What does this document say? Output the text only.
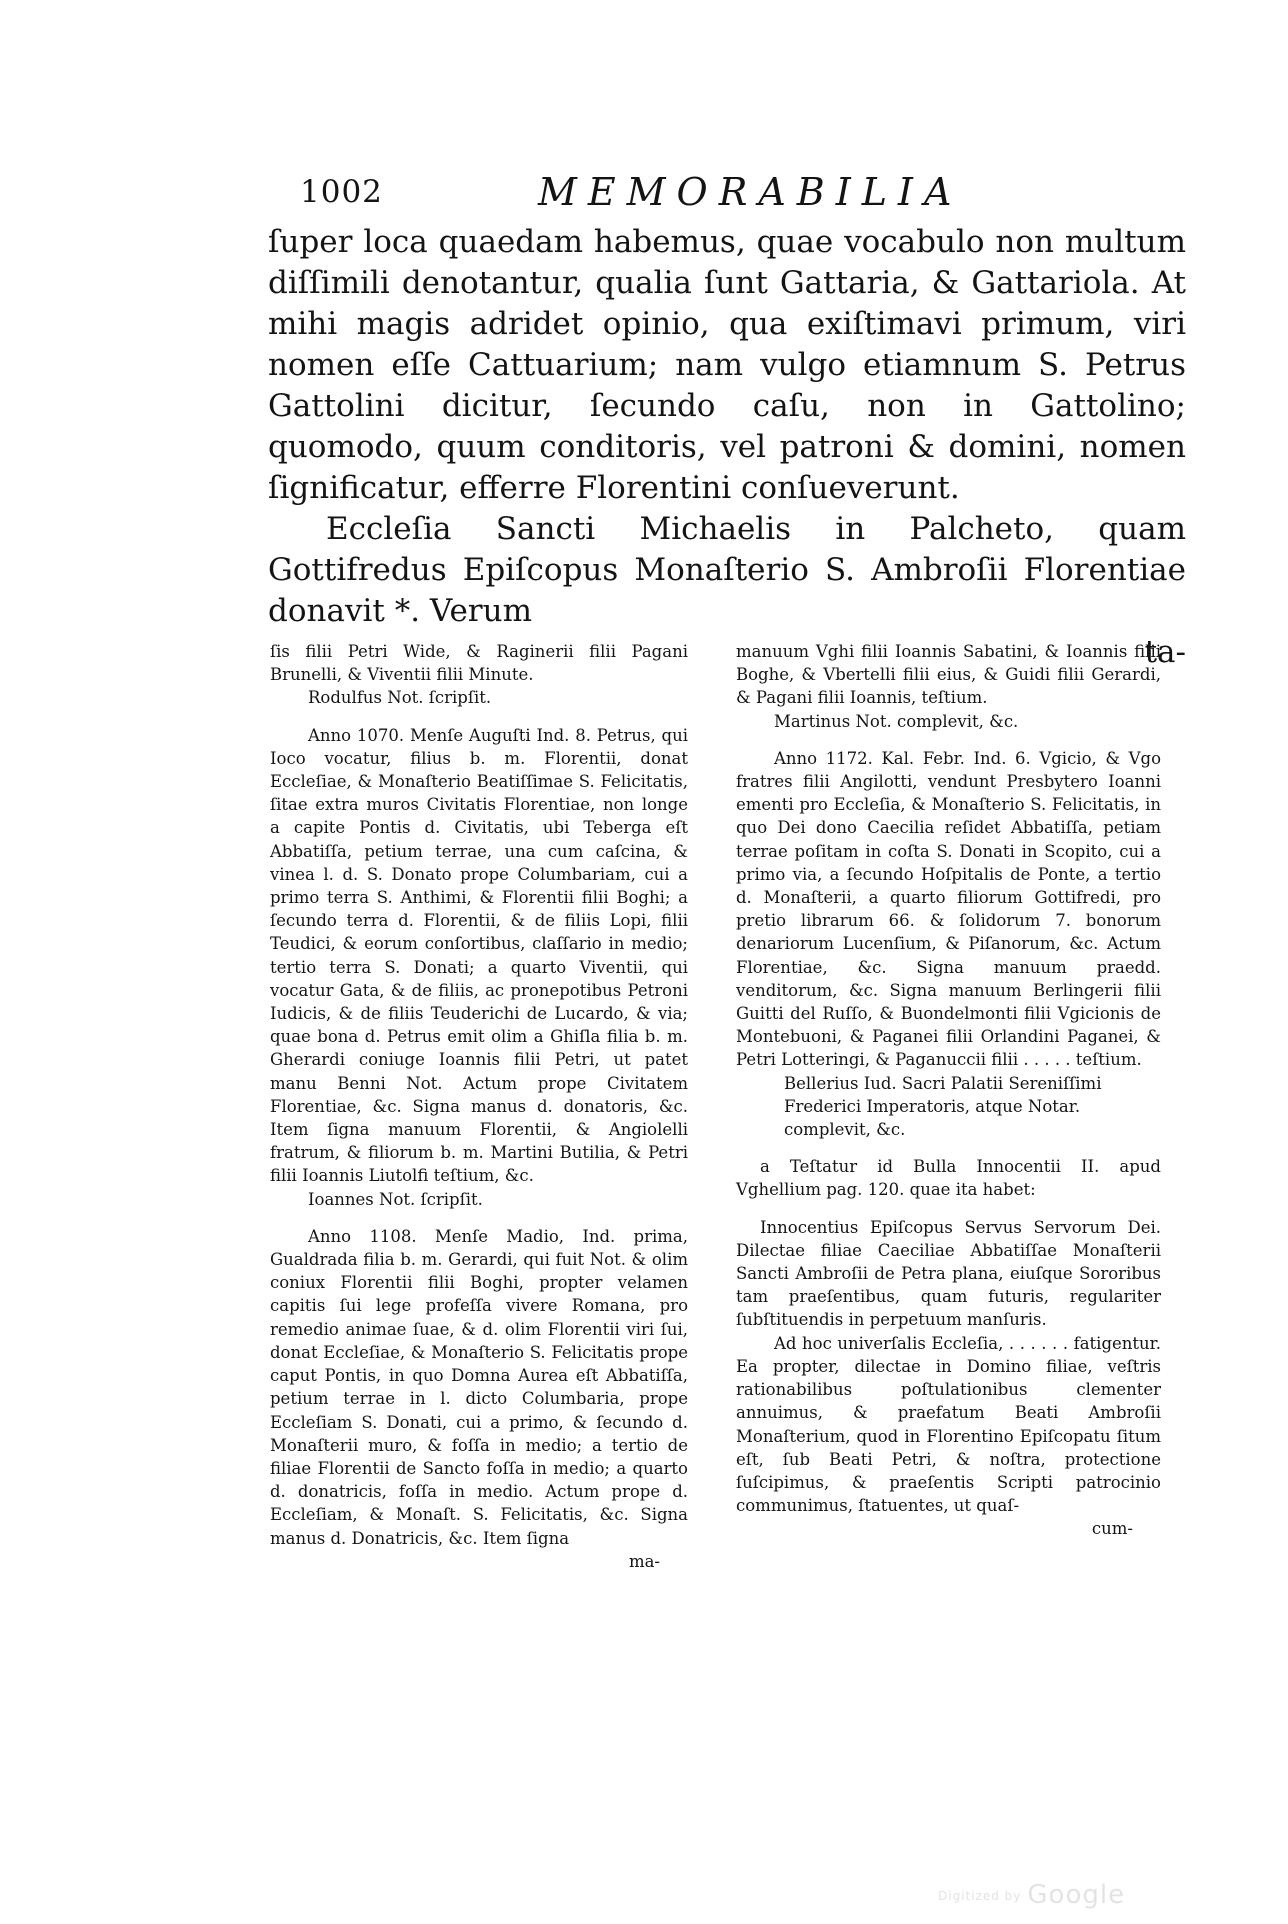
1002	MEMORABILIA

ſuper loca quaedam habemus, quae vocabulo non multum diſſimili denotantur, qualia ſunt Gattaria, & Gattariola. At mihi magis adridet opinio, qua exiſtimavi primum, viri nomen eſſe Cattuarium; nam vulgo etiamnum S. Petrus Gattolini dicitur, ſecundo caſu, non in Gattolino; quomodo, quum conditoris, vel patroni & domini, nomen ſignificatur, efferre Florentini conſueverunt.

Eccleſia Sancti Michaelis in Palcheto, quam Gottifredus Epiſcopus Monaſterio S. Ambroſii Florentiae donavit *. Verum

ta-

ſis filii Petri Wide, & Raginerii filii Pagani Brunelli, & Viventii filii Minute.

Rodulfus Not. ſcripſit.

Anno 1070. Menſe Auguſti Ind. 8. Petrus, qui Ioco vocatur, filius b. m. Florentii, donat Eccleſiae, & Monaſterio Beatiſſimae S. Felicitatis, ſitae extra muros Civitatis Florentiae, non longe a capite Pontis d. Civitatis, ubi Teberga eſt Abbatiſſa, petium terrae, una cum caſcina, & vinea l. d. S. Donato prope Columbariam, cui a primo terra S. Anthimi, & Florentii filii Boghi; a ſecundo terra d. Florentii, & de filiis Lopi, filii Teudici, & eorum conſortibus, claſſario in medio; tertio terra S. Donati; a quarto Viventii, qui vocatur Gata, & de filiis, ac pronepotibus Petroni Iudicis, & de filiis Teuderichi de Lucardo, & via; quae bona d. Petrus emit olim a Ghiſla filia b. m. Gherardi coniuge Ioannis filii Petri, ut patet manu Benni Not. Actum prope Civitatem Florentiae, &c. Signa manus d. donatoris, &c. Item ſigna manuum Florentii, & Angiolelli fratrum, & filiorum b. m. Martini Butilia, & Petri filii Ioannis Liutolfi teſtium, &c.

Ioannes Not. ſcripſit.

Anno 1108. Menſe Madio, Ind. prima, Gualdrada filia b. m. Gerardi, qui fuit Not. & olim coniux Florentii filii Boghi, propter velamen capitis ſui lege profeſſa vivere Romana, pro remedio animae ſuae, & d. olim Florentii viri ſui, donat Eccleſiae, & Monaſterio S. Felicitatis prope caput Pontis, in quo Domna Aurea eſt Abbatiſſa, petium terrae in l. dicto Columbaria, prope Eccleſiam S. Donati, cui a primo, & ſecundo d. Monaſterii muro, & foſſa in medio; a tertio de filiae Florentii de Sancto foſſa in medio; a quarto d. donatricis, foſſa in medio. Actum prope d. Eccleſiam, & Monaſt. S. Felicitatis, &c. Signa manus d. Donatricis, &c. Item ſigna

ma-

manuum Vghi filii Ioannis Sabatini, & Ioannis filii Boghe, & Vbertelli filii eius, & Guidi filii Gerardi, & Pagani filii Ioannis, teſtium.

Martinus Not. complevit, &c.

Anno 1172. Kal. Febr. Ind. 6. Vgicio, & Vgo fratres filii Angilotti, vendunt Presbytero Ioanni ementi pro Eccleſia, & Monaſterio S. Felicitatis, in quo Dei dono Caecilia reſidet Abbatiſſa, petiam terrae poſitam in coſta S. Donati in Scopito, cui a primo via, a ſecundo Hoſpitalis de Ponte, a tertio d. Monaſterii, a quarto filiorum Gottifredi, pro pretio librarum 66. & ſolidorum 7. bonorum denariorum Lucenſium, & Piſanorum, &c. Actum Florentiae, &c. Signa manuum praedd. venditorum, &c. Signa manuum Berlingerii filii Guitti del Ruſſo, & Buondelmonti filii Vgicionis de Montebuoni, & Paganei filii Orlandini Paganei, & Petri Lotteringi, & Paganuccii filii . . . . . teſtium.

Bellerius Iud. Sacri Palatii Sereniſſimi Frederici Imperatoris, atque Notar. complevit, &c.

a Teſtatur id Bulla Innocentii II. apud Vghellium pag. 120. quae ita habet:

Innocentius Epiſcopus Servus Servorum Dei. Dilectae filiae Caeciliae Abbatiſſae Monaſterii Sancti Ambroſii de Petra plana, eiuſque Sororibus tam praeſentibus, quam futuris, regulariter ſubſtituendis in perpetuum manſuris.

Ad hoc univerſalis Eccleſia, . . . . . . fatigentur. Ea propter, dilectae in Domino filiae, veſtris rationabilibus poſtulationibus clementer annuimus, & praefatum Beati Ambroſii Monaſterium, quod in Florentino Epiſcopatu ſitum eſt, ſub Beati Petri, & noſtra, protectione ſuſcipimus, & praeſentis Scripti patrocinio communimus, ſtatuentes, ut quaſ-

cum-

Digitized by Google
